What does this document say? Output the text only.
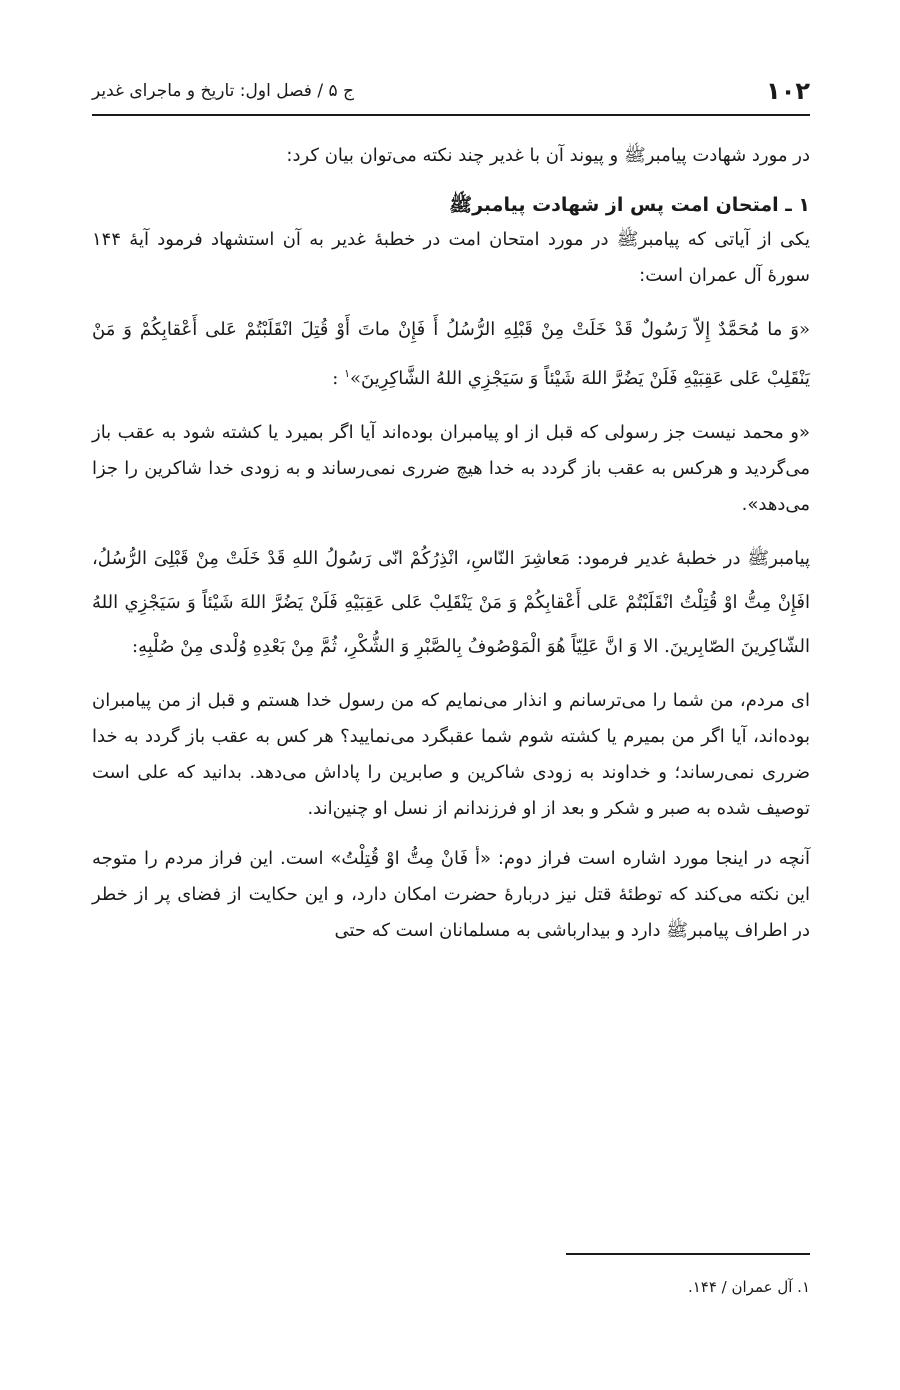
۱۰۲
ج ۵ / فصل اول: تاریخ و ماجرای غدیر

در مورد شهادت پیامبرﷺ و پیوند آن با غدیر چند نکته می‌توان بیان کرد:

۱ ـ امتحان امت پس از شهادت پیامبرﷺ

یکی از آیاتی که پیامبرﷺ در مورد امتحان امت در خطبۀ غدیر به آن استشهاد فرمود آیۀ ۱۴۴ سورۀ آل عمران است:

«وَ ما مُحَمَّدٌ إِلاّ رَسُولٌ قَدْ خَلَتْ مِنْ قَبْلِهِ الرُّسُلُ أَ فَإِنْ ماتَ أَوْ قُتِلَ انْقَلَبْتُمْ عَلى أَعْقابِكُمْ وَ مَنْ يَنْقَلِبْ عَلى عَقِبَيْهِ فَلَنْ يَضُرَّ اللهَ شَيْئاً وَ سَيَجْزِي اللهُ الشَّاكِرِينَ»$^۱$ :

«و محمد نیست جز رسولی که قبل از او پیامبران بوده‌اند آیا اگر بمیرد یا کشته شود به عقب باز می‌گردید و هرکس به عقب باز گردد به خدا هیچ ضرری نمی‌رساند و به زودی خدا شاکرین را جزا می‌دهد».

پیامبرﷺ در خطبۀ غدیر فرمود: مَعاشِرَ النّاسِ، انْذِرُكُمْ انّی رَسُولُ اللهِ قَدْ خَلَتْ مِنْ قَبْلِیَ الرُّسُلُ، افَإِنْ مِتُّ اوْ قُتِلْتُ انْقَلَبْتُمْ عَلى أَعْقابِكُمْ وَ مَنْ يَنْقَلِبْ عَلى عَقِبَيْهِ فَلَنْ يَضُرَّ اللهَ شَيْئاً وَ سَيَجْزِي اللهُ الشّاكِرينَ الصّابِرينَ. الا وَ انَّ عَلِيّاً هُوَ الْمَوْصُوفُ بِالصَّبْرِ وَ الشُّكْرِ، ثُمَّ مِنْ بَعْدِهِ وُلْدی مِنْ صُلْبِهِ:

ای مردم، من شما را می‌ترسانم و انذار می‌نمایم که من رسول خدا هستم و قبل از من پیامبران بوده‌اند، آیا اگر من بمیرم یا کشته شوم شما عقبگرد می‌نمایید؟ هر کس به عقب باز گردد به خدا ضرری نمی‌رساند؛ و خداوند به زودی شاکرین و صابرین را پاداش می‌دهد. بدانید که علی است توصیف شده به صبر و شکر و بعد از او فرزندانم از نسل او چنین‌اند.

آنچه در اینجا مورد اشاره است فراز دوم: «أ فَانْ مِتُّ اوْ قُتِلْتُ» است. این فراز مردم را متوجه این نکته می‌کند که توطئۀ قتل نیز دربارۀ حضرت امکان دارد، و این حکایت از فضای پر از خطر در اطراف پیامبرﷺ دارد و بیدارباشی به مسلمانان است که حتی

۱. آل عمران / ۱۴۴.
